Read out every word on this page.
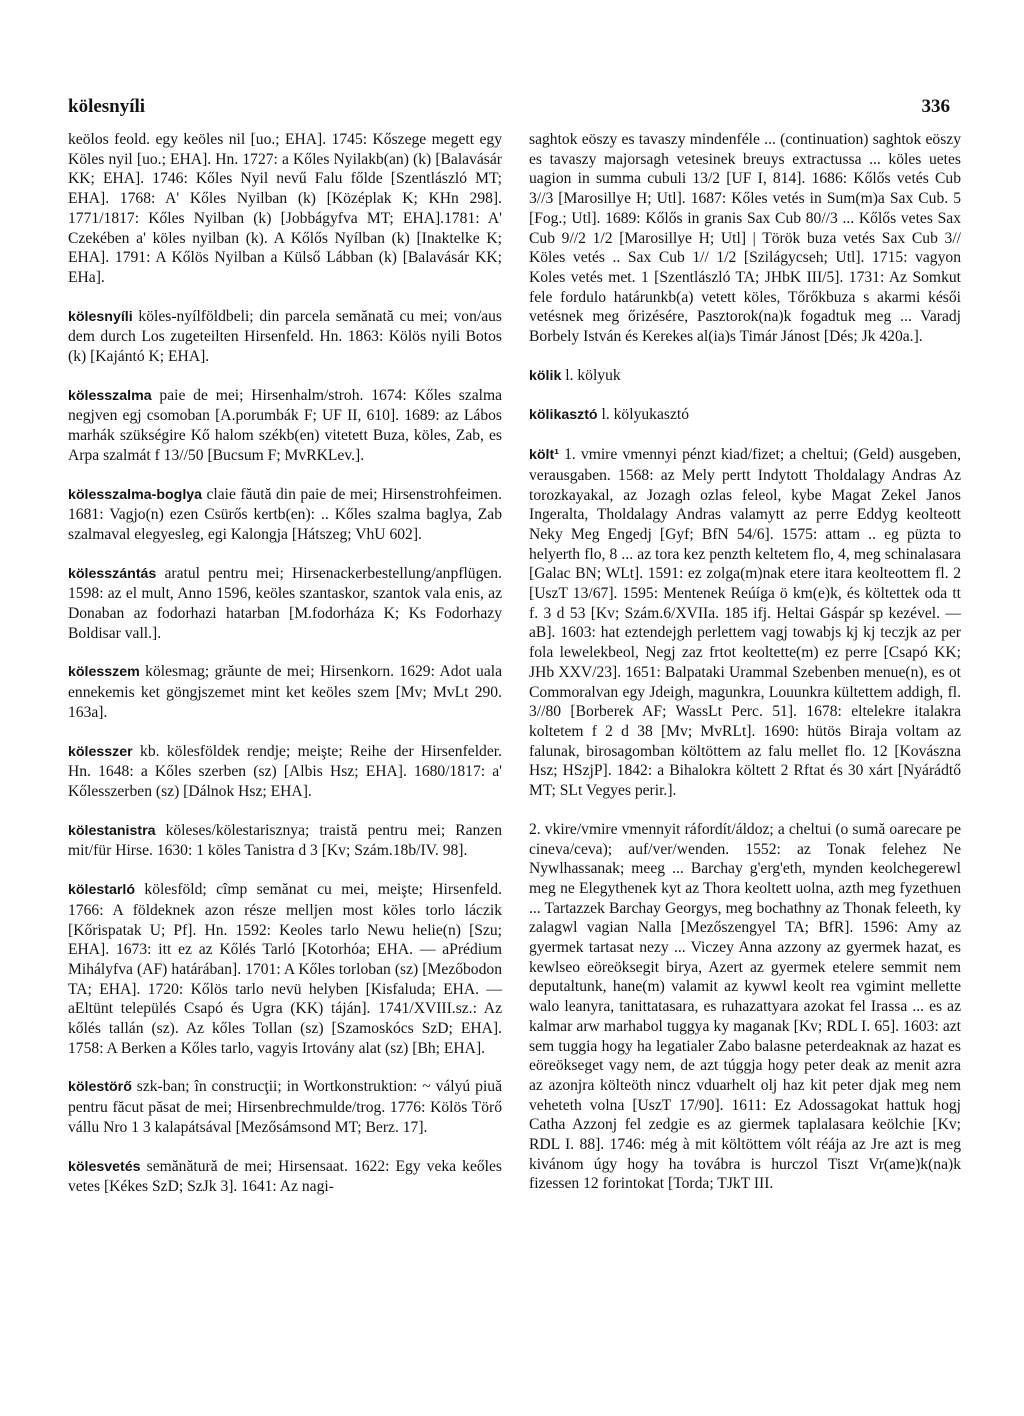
kölesnyíli	336

keölos feold. egy keöles nil [uo.; EHA]. 1745: Kőszege megett egy Köles nyil [uo.; EHA]. Hn. 1727: a Kőles Nyilakb(an) (k) [Balavásár KK; EHA]. 1746: Kőles Nyil nevű Falu főlde [Szentlászló MT; EHA]. 1768: A' Kőles Nyilban (k) [Középlak K; KHn 298]. 1771/1817: Kőles Nyilban (k) [Jobbágyfva MT; EHA].1781: A' Czekében a' köles nyilban (k). A Kőlős Nyílban (k) [Inaktelke K; EHA]. 1791: A Kőlös Nyilban a Külső Lábban (k) [Balavásár KK; EHa].

kölesnyíli köles-nyílföldbeli; din parcela semănată cu mei; von/aus dem durch Los zugeteilten Hirsenfeld. Hn. 1863: Kölös nyili Botos (k) [Kajántó K; EHA].

kölesszalma paie de mei; Hirsenhalm/stroh. 1674: Kőles szalma negjven egj csomoban [A.porumbák F; UF II, 610]. 1689: az Lábos marhák szükségire Kő halom székb(en) vitetett Buza, köles, Zab, es Arpa szalmát f 13//50 [Bucsum F; MvRKLev.].

kölesszalma-boglya claie făută din paie de mei; Hirsenstrohfeimen. 1681: Vagjo(n) ezen Csürős kertb(en): .. Kőles szalma baglya, Zab szalmaval elegyesleg, egi Kalongja [Hátszeg; VhU 602].

kölesszántás aratul pentru mei; Hirsenackerbestellung/anpflügen. 1598: az el mult, Anno 1596, keöles szantaskor, szantok vala enis, az Donaban az fodorhazi hatarban [M.fodorháza K; Ks Fodorhazy Boldisar vall.].

kölesszem kölesmag; grăunte de mei; Hirsenkorn. 1629: Adot uala ennekemis ket göngjszemet mint ket keöles szem [Mv; MvLt 290. 163a].

kölesszer kb. kölesföldek rendje; meişte; Reihe der Hirsenfelder. Hn. 1648: a Kőles szerben (sz) [Albis Hsz; EHA]. 1680/1817: a' Kőlesszerben (sz) [Dálnok Hsz; EHA].

kölestanistra köleses/kölestarisznya; traistă pentru mei; Ranzen mit/für Hirse. 1630: 1 köles Tanistra d 3 [Kv; Szám.18b/IV. 98].

kölestarló kölesföld; cîmp semănat cu mei, meişte; Hirsenfeld. 1766: A földeknek azon része melljen most köles torlo láczik [Kőrispatak U; Pf]. Hn. 1592: Keoles tarlo Newu helie(n) [Szu; EHA]. 1673: itt ez az Kőlés Tarló [Kotorhóa; EHA. — aPrédium Mihályfva (AF) határában]. 1701: A Kőles torloban (sz) [Mezőbodon TA; EHA]. 1720: Kőlös tarlo nevü helyben [Kisfaluda; EHA. — aEltünt település Csapó és Ugra (KK) táján]. 1741/XVIII.sz.: Az kőlés tallán (sz). Az kőles Tollan (sz) [Szamoskócs SzD; EHA]. 1758: A Berken a Kőles tarlo, vagyis Irtovány alat (sz) [Bh; EHA].

kölestörő szk-ban; în construcţii; in Wortkonstruktion: ~ vályú piuă pentru făcut păsat de mei; Hirsenbrechmulde/trog. 1776: Kölös Törő vállu Nro 1 3 kalapátsával [Mezősámsond MT; Berz. 17].

kölesvetés semănătură de mei; Hirsensaat. 1622: Egy veka keőles vetes [Kékes SzD; SzJk 3]. 1641: Az nagi-

saghtok eöszy es tavaszy mindenféle ... (continuation) saghtok eöszy es tavaszy majorsagh vetesinek breuys extractussa ... köles uetes uagion in summa cubuli 13/2 [UF I, 814]. 1686: Kőlős vetés Cub 3//3 [Marosillye H; Utl]. 1687: Kőles vetés in Sum(m)a Sax Cub. 5 [Fog.; Utl]. 1689: Kőlős in granis Sax Cub 80//3 ... Kőlős vetes Sax Cub 9//2 1/2 [Marosillye H; Utl] | Török buza vetés Sax Cub 3// Köles vetés .. Sax Cub 1// 1/2 [Szilágycseh; Utl]. 1715: vagyon Koles vetés met. 1 [Szentlászló TA; JHbK III/5]. 1731: Az Somkut fele fordulo határunkb(a) vetett köles, Tőrőkbuza s akarmi késői vetésnek meg őrizésére, Pasztorok(na)k fogadtuk meg ... Varadj Borbely István és Kerekes al(ia)s Timár Jánost [Dés; Jk 420a.].

kölik l. kölyuk

kölikasztó l. kölyukasztó

költ¹ 1. vmire vmennyi pénzt kiad/fizet; a cheltui; (Geld) ausgeben, verausgaben. 1568: az Mely pertt Indytott Tholdalagy Andras Az torozkayakal, az Jozagh ozlas feleol, kybe Magat Zekel Janos Ingeralta, Tholdalagy Andras valamytt az perre Eddyg keolteott Neky Meg Engedj [Gyf; BfN 54/6]. 1575: attam .. eg püzta to helyerth flo, 8 ... az tora kez penzth keltetem flo, 4, meg schinalasara [Galac BN; WLt]. 1591: ez zolga(m)nak etere itara keolteottem fl. 2 [UszT 13/67]. 1595: Mentenek Reúíga ö km(e)k, és költettek oda tt f. 3 d 53 [Kv; Szám.6/XVIIa. 185 ifj. Heltai Gáspár sp kezével. —aB]. 1603: hat eztendejgh perlettem vagj towabjs kj kj teczjk az per fola lewelekbeol, Negj zaz frtot keoltette(m) ez perre [Csapó KK; JHb XXV/23]. 1651: Balpataki Urammal Szebenben menue(n), es ot Commoralvan egy Jdeigh, magunkra, Louunkra kültettem addigh, fl. 3//80 [Borberek AF; WassLt Perc. 51]. 1678: eltelekre italakra koltetem f 2 d 38 [Mv; MvRLt]. 1690: hütös Biraja voltam az falunak, birosagomban költöttem az falu mellet flo. 12 [Kovászna Hsz; HSzjP]. 1842: a Bihalokra költett 2 Rftat és 30 xárt [Nyárádtő MT; SLt Vegyes perir.].

2. vkire/vmire vmennyit ráfordít/áldoz; a cheltui (o sumă oarecare pe cineva/ceva); auf/ver/wenden. 1552: az Tonak felehez Ne Nywlhassanak; meeg ... Barchay g'erg'eth, mynden keolchegerewl meg ne Elegythenek kyt az Thora keoltett uolna, azth meg fyzethuen ... Tartazzek Barchay Georgys, meg bochathny az Thonak feleeth, ky zalagwl vagian Nalla [Mezőszengyel TA; BfR]. 1596: Amy az gyermek tartasat nezy ... Viczey Anna azzony az gyermek hazat, es kewlseo eöreöksegit birya, Azert az gyermek etelere semmit nem deputaltunk, hane(m) valamit az kywwl keolt rea vgimint mellette walo leanyra, tanittatasara, es ruhazattyara azokat fel Irassa ... es az kalmar arw marhabol tuggya ky maganak [Kv; RDL I. 65]. 1603: azt sem tuggia hogy ha legatialer Zabo balasne peterdeaknak az hazat es eöreökseget vagy nem, de azt túggja hogy peter deak az menit azra az azonjra költeöth nincz vduarhelt olj haz kit peter djak meg nem veheteth volna [UszT 17/90]. 1611: Ez Adossagokat hattuk hogj Catha Azzonj fel zedgie es az giermek taplalasara keölchie [Kv; RDL I. 88]. 1746: még à mit költöttem vólt réája az Jre azt is meg kivánom úgy hogy ha továbra is hurczol Tiszt Vr(ame)k(na)k fizessen 12 forintokat [Torda; TJkT III.
